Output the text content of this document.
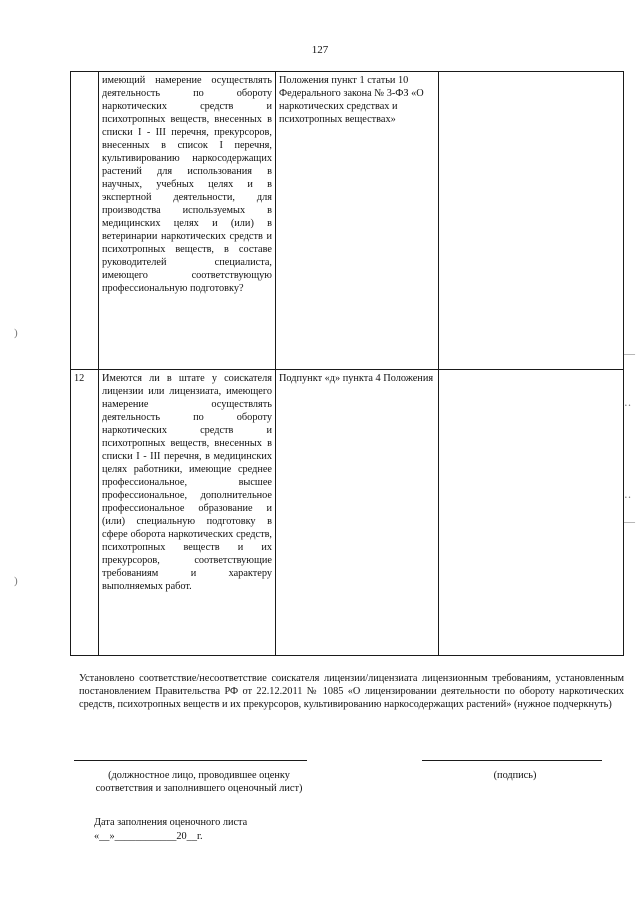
127
	имеющий намерение осуществлять деятельность по обороту наркотических средств и психотропных веществ, внесенных в списки I - III перечня, прекурсоров, внесенных в список I перечня, культивированию наркосодержащих растений для использования в научных, учебных целях и в экспертной деятельности, для производства используемых в медицинских целях и (или) в ветеринарии наркотических средств и психотропных веществ, в составе руководителей специалиста, имеющего соответствующую профессиональную подготовку?	Положения пункт 1 статьи 10 Федерального закона № 3-ФЗ «О наркотических средствах и психотропных веществах»	
12	Имеются ли в штате у соискателя лицензии или лицензиата, имеющего намерение осуществлять деятельность по обороту наркотических средств и психотропных веществ, внесенных в списки I - III перечня, в медицинских целях работники, имеющие среднее профессиональное, высшее профессиональное, дополнительное профессиональное образование и (или) специальную подготовку в сфере оборота наркотических средств, психотропных веществ и их прекурсоров, соответствующие требованиям и характеру выполняемых работ.	Подпункт «д» пункта 4 Положения	
Установлено соответствие/несоответствие соискателя лицензии/лицензиата лицензионным требованиям, установленным постановлением Правительства РФ от 22.12.2011 № 1085 «О лицензировании деятельности по обороту наркотических средств, психотропных веществ и их прекурсоров, культивированию наркосодержащих растений» (нужное подчеркнуть)
(должностное лицо, проводившее оценку соответствия и заполнившего оценочный лист)
(подпись)
Дата заполнения оценочного листа
«__»____________20__г.
)
)
—
‥
‥
—
